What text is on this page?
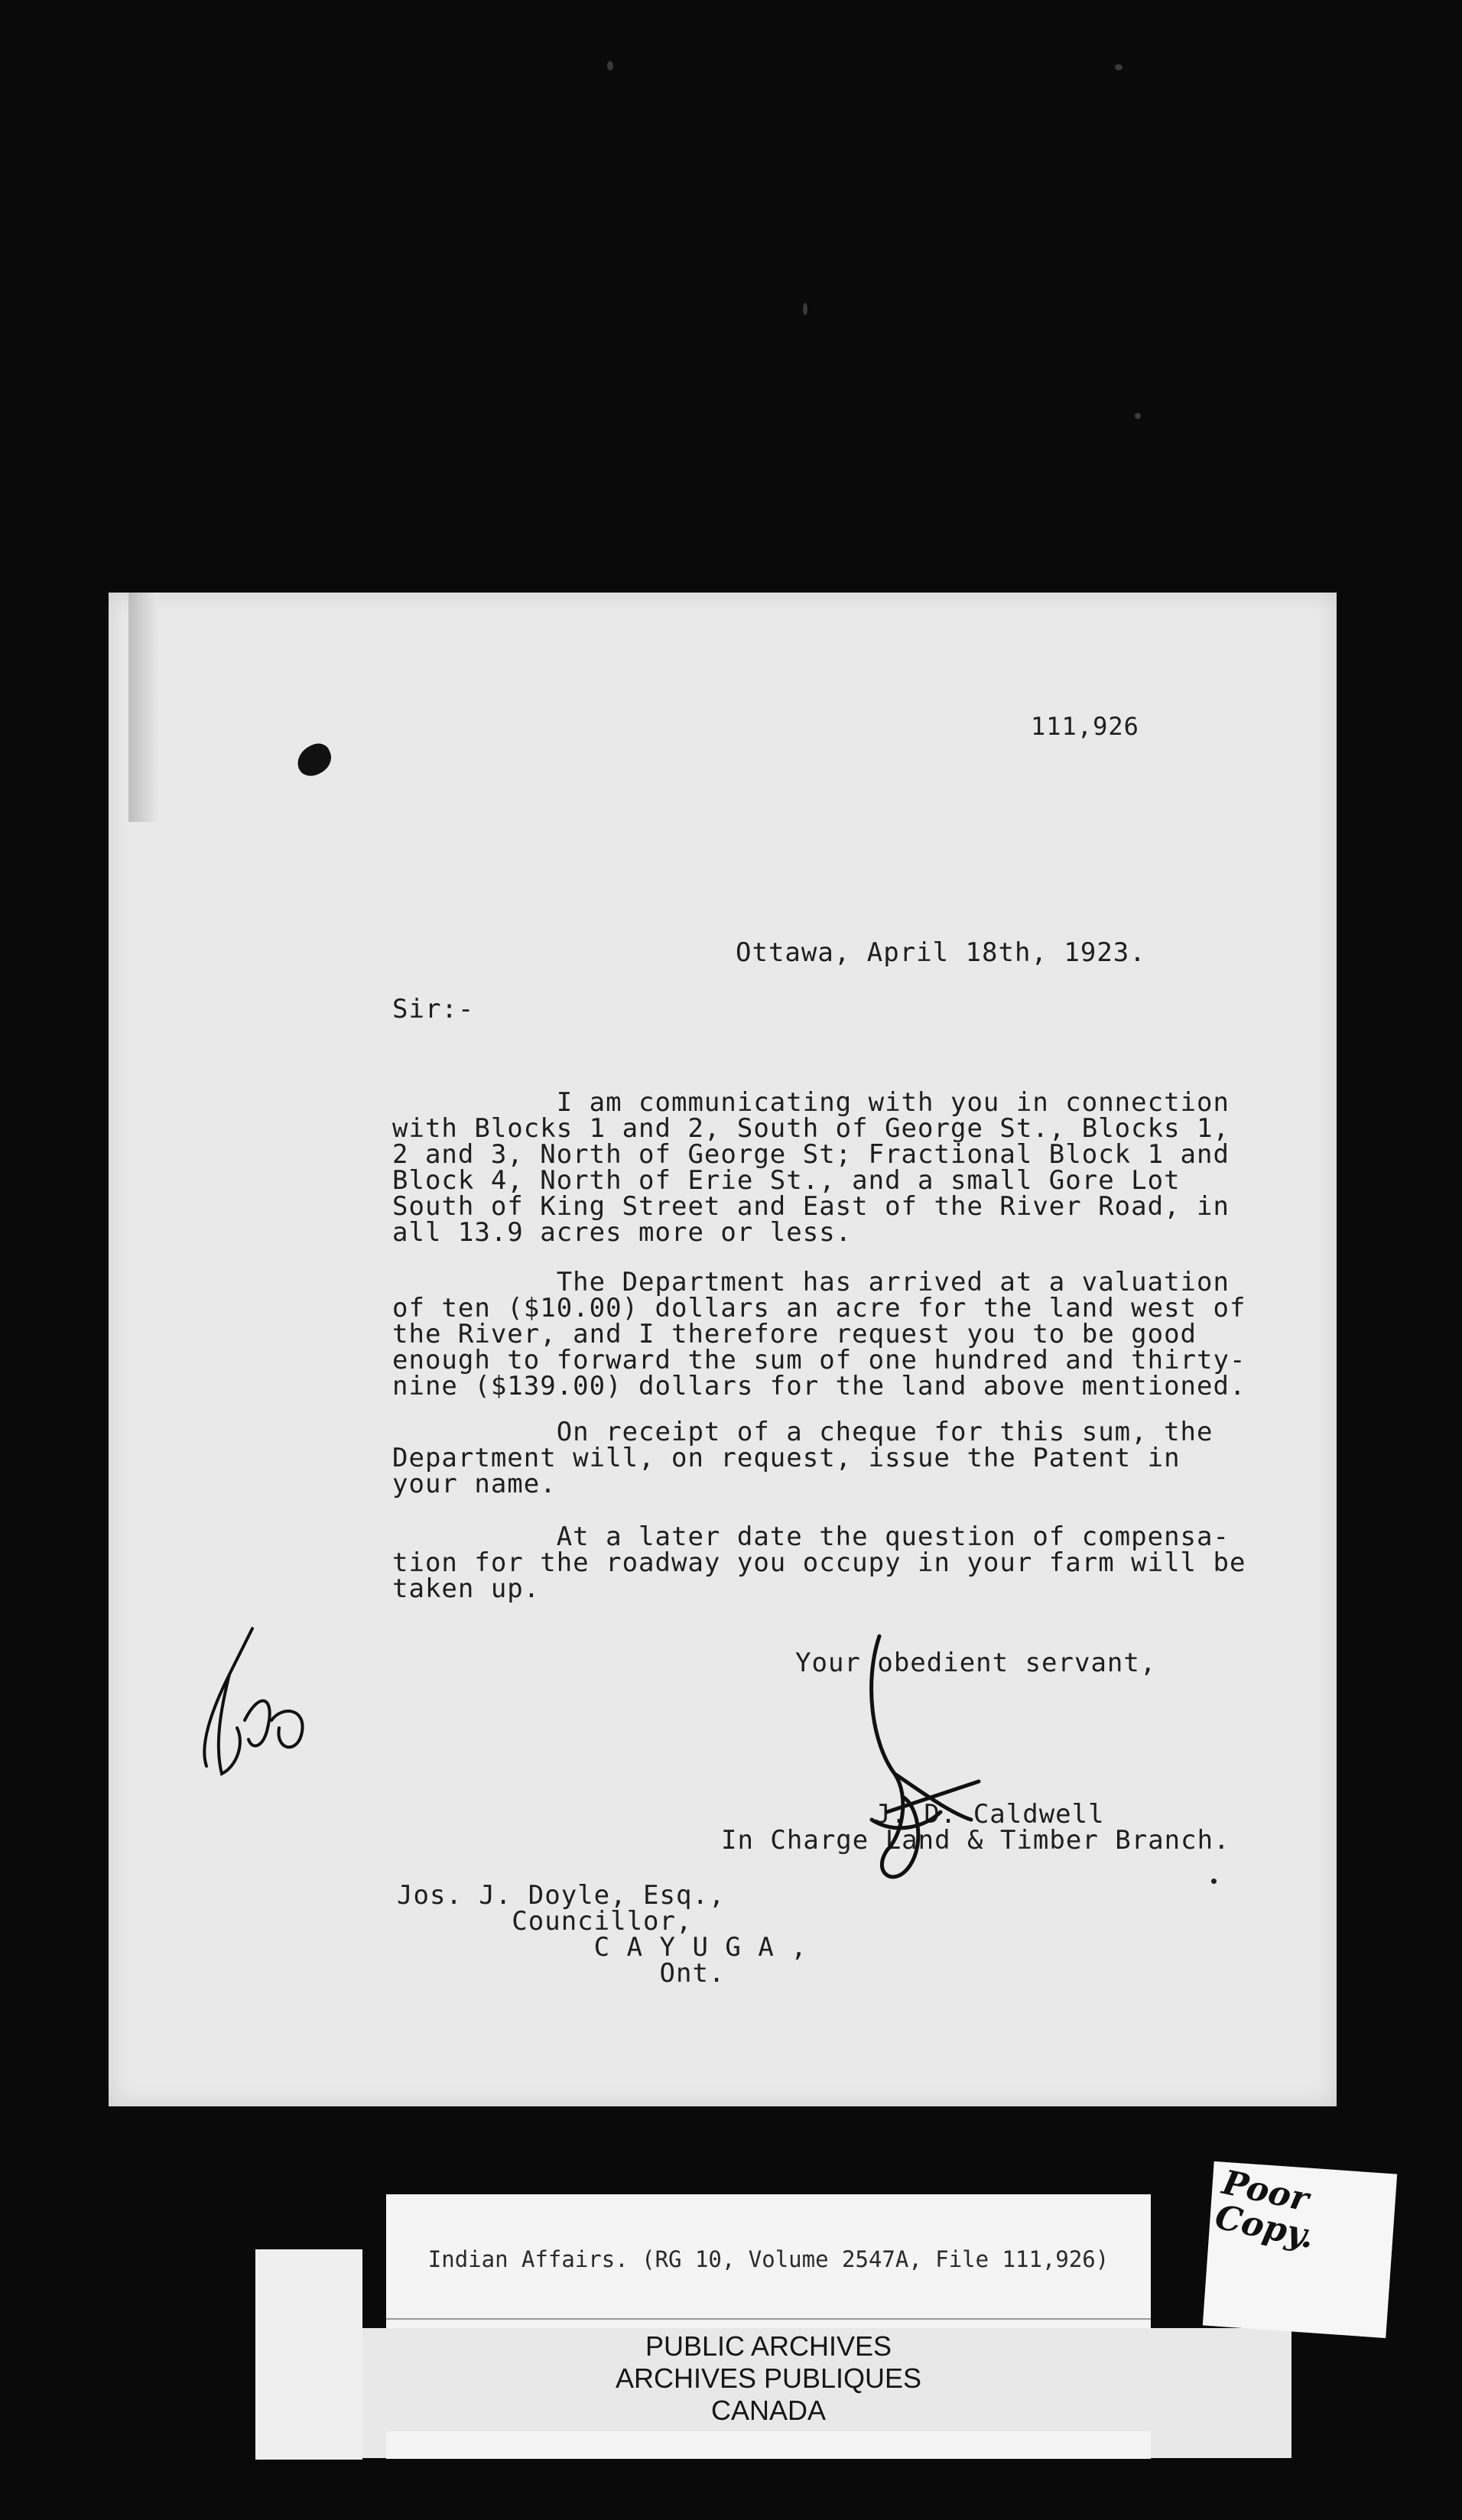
111,926
Ottawa, April 18th, 1923.
Sir:-
I am communicating with you in connection
with Blocks 1 and 2, South of George St., Blocks 1,
2 and 3, North of George St; Fractional Block 1 and
Block 4, North of Erie St., and a small Gore Lot
South of King Street and East of the River Road, in
all 13.9 acres more or less.
The Department has arrived at a valuation
of ten ($10.00) dollars an acre for the land west of
the River, and I therefore request you to be good
enough to forward the sum of one hundred and thirty-
nine ($139.00) dollars for the land above mentioned.
On receipt of a cheque for this sum, the
Department will, on request, issue the Patent in
your name.
At a later date the question of compensa-
tion for the roadway you occupy in your farm will be
taken up.
Your obedient servant,
J. D. Caldwell
In Charge Land & Timber Branch.
Jos. J. Doyle, Esq.,
Councillor,
C A Y U G A ,
Ont.
Indian Affairs. (RG 10, Volume 2547A, File 111,926)
PUBLIC ARCHIVES
ARCHIVES PUBLIQUES
CANADA
Poor Copy.
